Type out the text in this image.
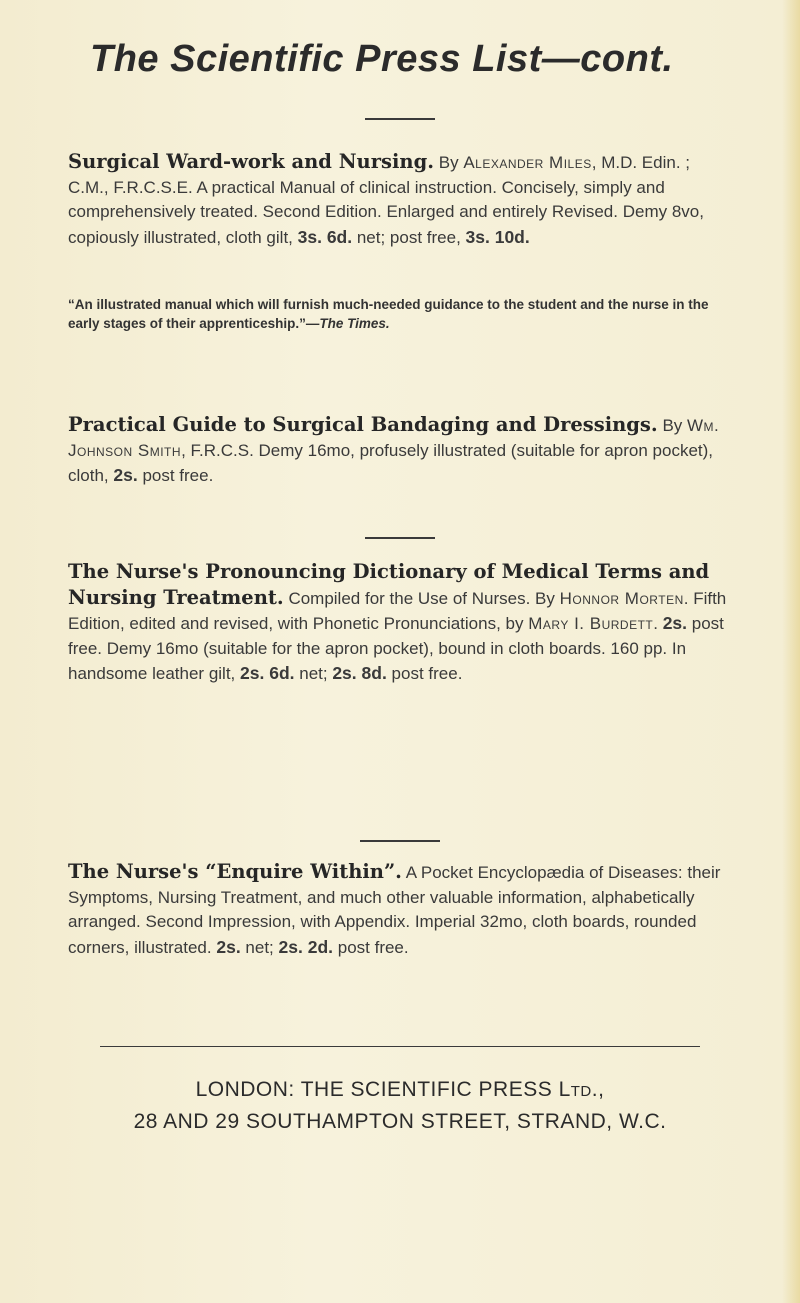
The Scientific Press List—cont.
Surgical Ward-work and Nursing. By Alexander Miles, M.D. Edin. ; C.M., F.R.C.S.E. A practical Manual of clinical instruction. Concisely, simply and comprehensively treated. Second Edition. Enlarged and entirely Revised. Demy 8vo, copiously illustrated, cloth gilt, 3s. 6d. net; post free, 3s. 10d.
“An illustrated manual which will furnish much-needed guidance to the student and the nurse in the early stages of their apprenticeship.”—The Times.
Practical Guide to Surgical Bandaging and Dressings. By Wm. Johnson Smith, F.R.C.S. Demy 16mo, profusely illustrated (suitable for apron pocket), cloth, 2s. post free.
The Nurse's Pronouncing Dictionary of Medical Terms and Nursing Treatment. Compiled for the Use of Nurses. By Honnor Morten. Fifth Edition, edited and revised, with Phonetic Pronunciations, by Mary I. Burdett. 2s. post free. Demy 16mo (suitable for the apron pocket), bound in cloth boards. 160 pp. In handsome leather gilt, 2s. 6d. net; 2s. 8d. post free.
The Nurse's “Enquire Within”. A Pocket Encyclopædia of Diseases: their Symptoms, Nursing Treatment, and much other valuable information, alphabetically arranged. Second Impression, with Appendix. Imperial 32mo, cloth boards, rounded corners, illustrated. 2s. net; 2s. 2d. post free.
LONDON: THE SCIENTIFIC PRESS Ltd.,
28 AND 29 SOUTHAMPTON STREET, STRAND, W.C.
